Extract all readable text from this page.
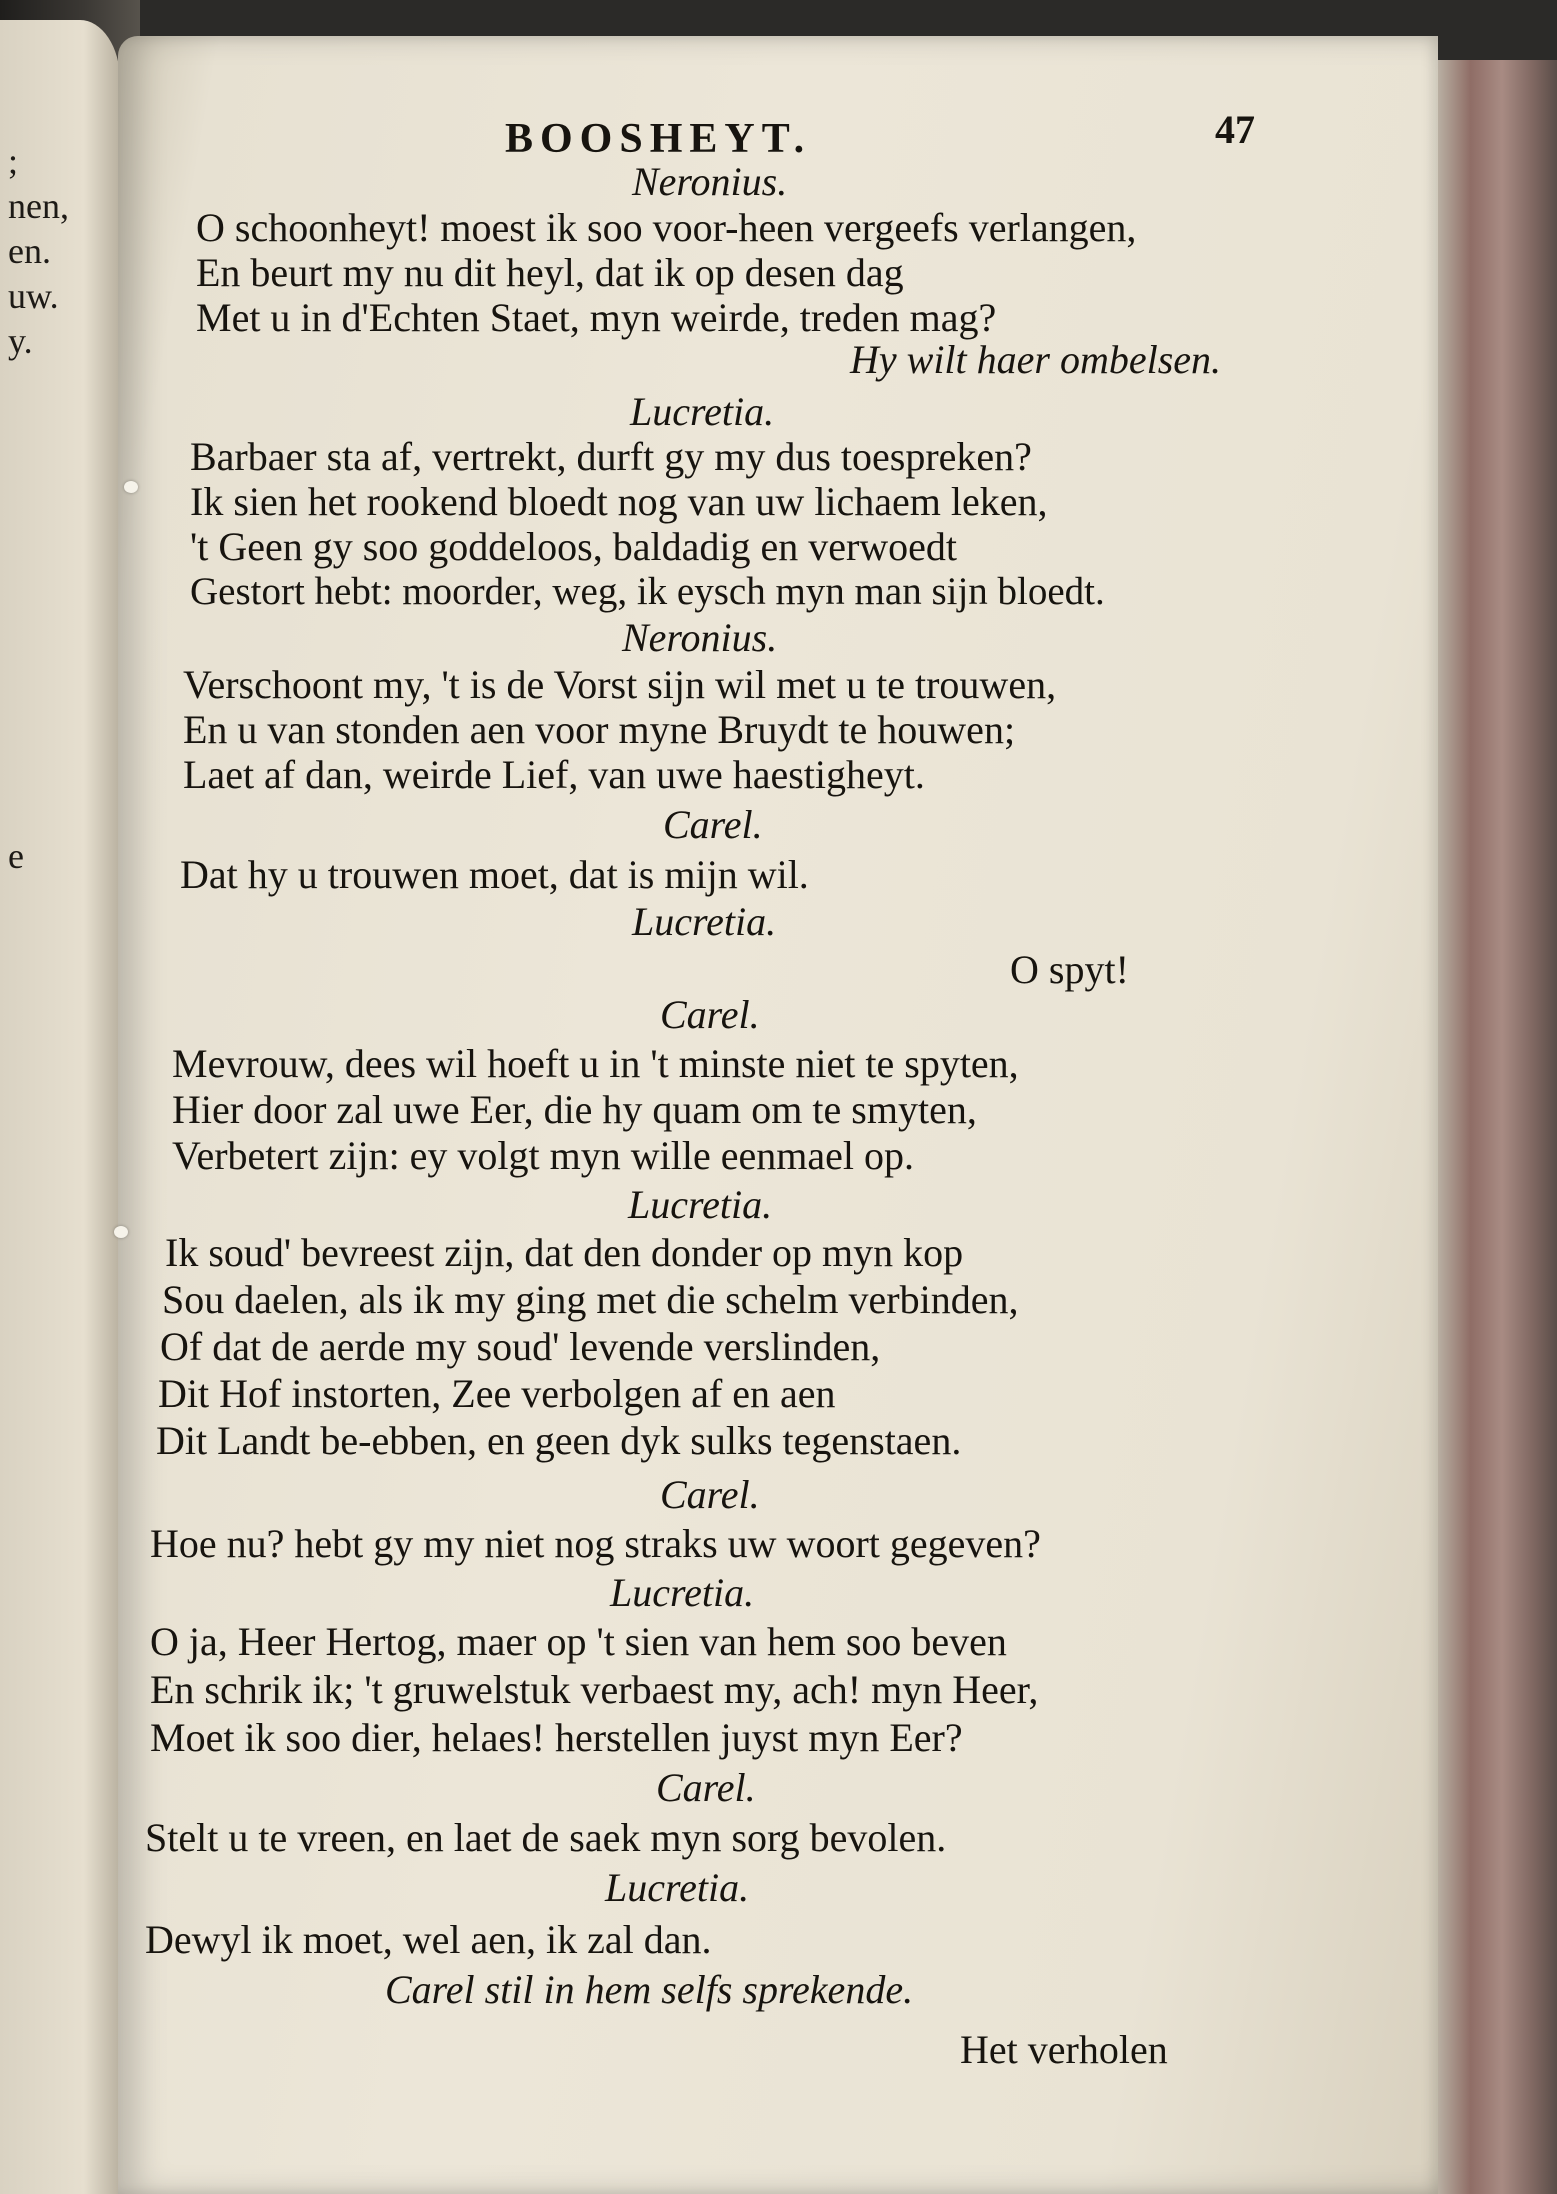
;
nen,
en.
uw.
y.
e
BOOSHEYT.	47
Neronius.
O schoonheyt! moest ik soo voor-heen vergeefs verlangen,
En beurt my nu dit heyl, dat ik op desen dag
Met u in d'Echten Staet, myn weirde, treden mag?
Hy wilt haer ombelsen.
Lucretia.
Barbaer sta af, vertrekt, durft gy my dus toespreken?
Ik sien het rookend bloedt nog van uw lichaem leken,
't Geen gy soo goddeloos, baldadig en verwoedt
Gestort hebt: moorder, weg, ik eysch myn man sijn bloedt.
Neronius.
Verschoont my, 't is de Vorst sijn wil met u te trouwen,
En u van stonden aen voor myne Bruydt te houwen;
Laet af dan, weirde Lief, van uwe haestigheyt.
Carel.
Dat hy u trouwen moet, dat is mijn wil.
Lucretia.
O spyt!
Carel.
Mevrouw, dees wil hoeft u in 't minste niet te spyten,
Hier door zal uwe Eer, die hy quam om te smyten,
Verbetert zijn: ey volgt myn wille eenmael op.
Lucretia.
Ik soud' bevreest zijn, dat den donder op myn kop
Sou daelen, als ik my ging met die schelm verbinden,
Of dat de aerde my soud' levende verslinden,
Dit Hof instorten, Zee verbolgen af en aen
Dit Landt be-ebben, en geen dyk sulks tegenstaen.
Carel.
Hoe nu? hebt gy my niet nog straks uw woort gegeven?
Lucretia.
O ja, Heer Hertog, maer op 't sien van hem soo beven
En schrik ik; 't gruwelstuk verbaest my, ach! myn Heer,
Moet ik soo dier, helaes! herstellen juyst myn Eer?
Carel.
Stelt u te vreen, en laet de saek myn sorg bevolen.
Lucretia.
Dewyl ik moet, wel aen, ik zal dan.
Carel stil in hem selfs sprekende.
Het verholen
